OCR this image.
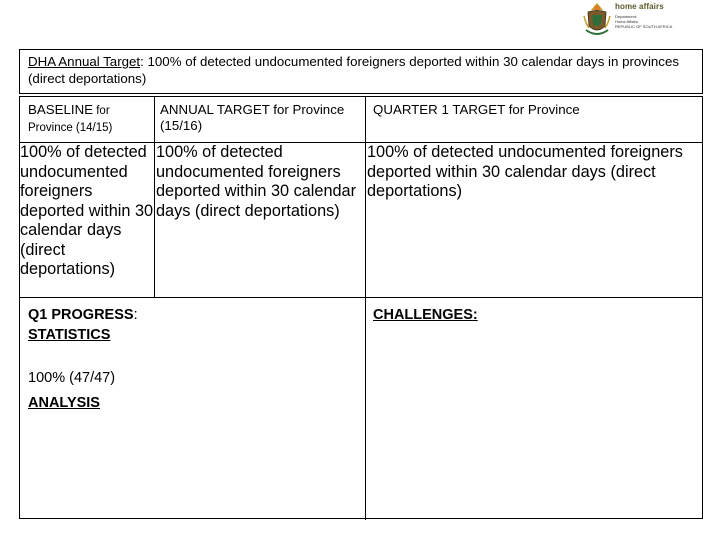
home affairs
Department:
Home Affairs
REPUBLIC OF SOUTH AFRICA
DHA Annual Target: 100% of detected undocumented foreigners deported within 30 calendar days in provinces (direct deportations)
BASELINE for
Province (14/15)
ANNUAL TARGET for Province (15/16)
QUARTER 1 TARGET for Province
100% of detected undocumented foreigners deported within 30 calendar days (direct deportations)
100% of detected undocumented foreigners deported within 30 calendar days (direct deportations)
100% of detected undocumented foreigners deported within 30 calendar days (direct deportations)
Q1 PROGRESS:
STATISTICS
100% (47/47)
ANALYSIS
CHALLENGES:
